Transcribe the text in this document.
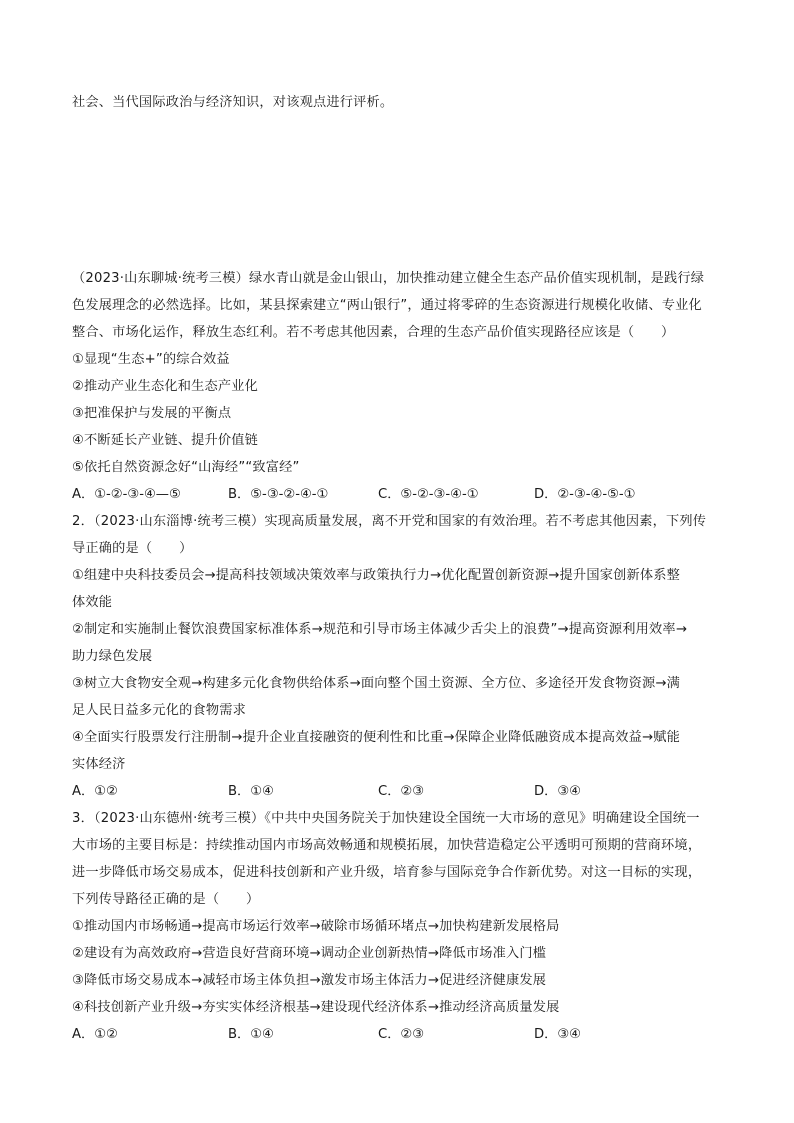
社会、当代国际政治与经济知识，对该观点进行评析。
（2023·山东聊城·统考三模）绿水青山就是金山银山，加快推动建立健全生态产品价值实现机制，是践行绿
色发展理念的必然选择。比如，某县探索建立“两山银行”，通过将零碎的生态资源进行规模化收储、专业化
整合、市场化运作，释放生态红利。若不考虑其他因素，合理的生态产品价值实现路径应该是（　　）
①显现“生态+”的综合效益
②推动产业生态化和生态产业化
③把准保护与发展的平衡点
④不断延长产业链、提升价值链
⑤依托自然资源念好“山海经”“致富经”
A．①-②-③-④—⑤	B．⑤-③-②-④-①	C．⑤-②-③-④-①	D．②-③-④-⑤-①
2．（2023·山东淄博·统考三模）实现高质量发展，离不开党和国家的有效治理。若不考虑其他因素，下列传
导正确的是（　　）
①组建中央科技委员会→提高科技领域决策效率与政策执行力→优化配置创新资源→提升国家创新体系整
体效能
②制定和实施制止餐饮浪费国家标准体系→规范和引导市场主体减少舌尖上的浪费”→提高资源利用效率→
助力绿色发展
③树立大食物安全观→构建多元化食物供给体系→面向整个国土资源、全方位、多途径开发食物资源→满
足人民日益多元化的食物需求
④全面实行股票发行注册制→提升企业直接融资的便利性和比重→保障企业降低融资成本提高效益→赋能
实体经济
A．①②	B．①④	C．②③	D．③④
3．（2023·山东德州·统考三模）《中共中央国务院关于加快建设全国统一大市场的意见》明确建设全国统一
大市场的主要目标是：持续推动国内市场高效畅通和规模拓展，加快营造稳定公平透明可预期的营商环境，
进一步降低市场交易成本，促进科技创新和产业升级，培育参与国际竞争合作新优势。对这一目标的实现，
下列传导路径正确的是（　　）
①推动国内市场畅通→提高市场运行效率→破除市场循环堵点→加快构建新发展格局
②建设有为高效政府→营造良好营商环境→调动企业创新热情→降低市场准入门槛
③降低市场交易成本→减轻市场主体负担→激发市场主体活力→促进经济健康发展
④科技创新产业升级→夯实实体经济根基→建设现代经济体系→推动经济高质量发展
A．①②	B．①④	C．②③	D．③④
